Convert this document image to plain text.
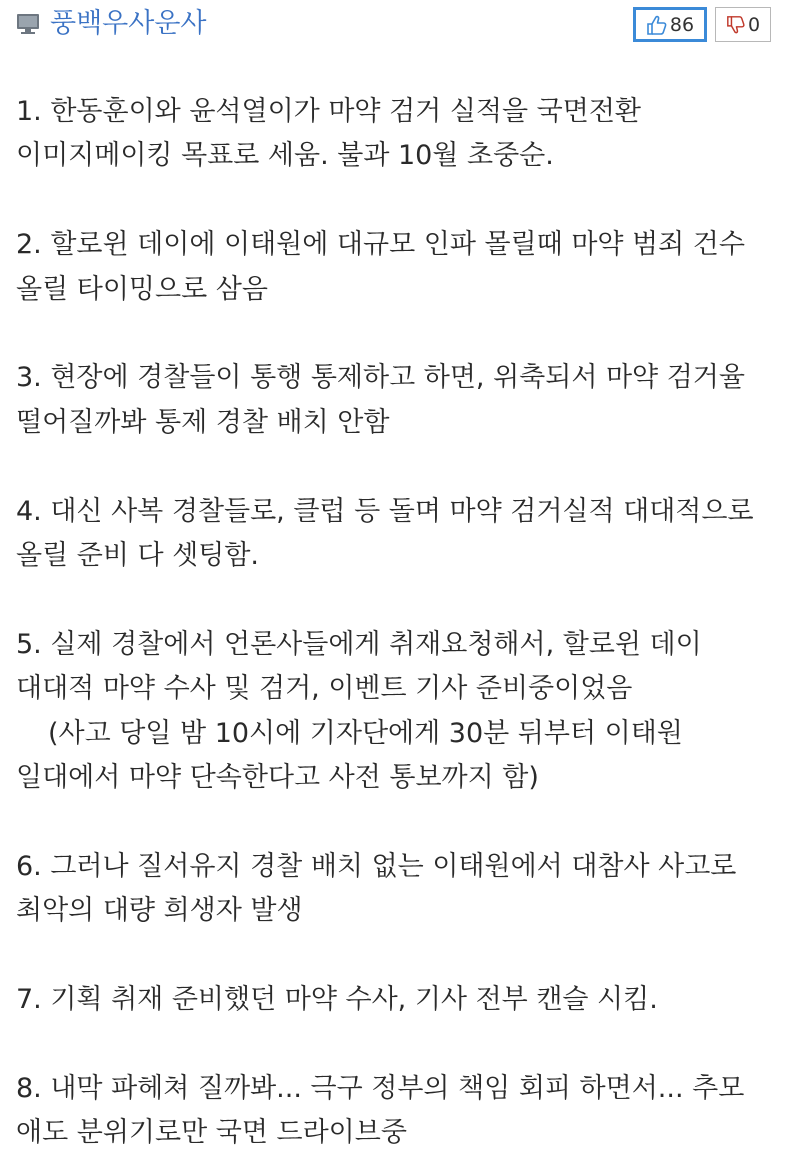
풍백우사운사	86	0

1. 한동훈이와 윤석열이가 마약 검거 실적을 국면전환 이미지메이킹 목표로 세움. 불과 10월 초중순.

2. 할로윈 데이에 이태원에 대규모 인파 몰릴때 마약 범죄 건수 올릴 타이밍으로 삼음

3. 현장에 경찰들이 통행 통제하고 하면, 위축되서 마약 검거율 떨어질까봐 통제 경찰 배치 안함

4. 대신 사복 경찰들로, 클럽 등 돌며 마약 검거실적 대대적으로 올릴 준비 다 셋팅함.

5. 실제 경찰에서 언론사들에게 취재요청해서, 할로윈 데이 대대적 마약 수사 및 검거, 이벤트 기사 준비중이었음

(사고 당일 밤 10시에 기자단에게 30분 뒤부터 이태원 일대에서 마약 단속한다고 사전 통보까지 함)

6. 그러나 질서유지 경찰 배치 없는 이태원에서 대참사 사고로 최악의 대량 희생자 발생

7. 기획 취재 준비했던 마약 수사, 기사 전부 캔슬 시킴.

8. 내막 파헤쳐 질까봐... 극구 정부의 책임 회피 하면서... 추모 애도 분위기로만 국면 드라이브중
